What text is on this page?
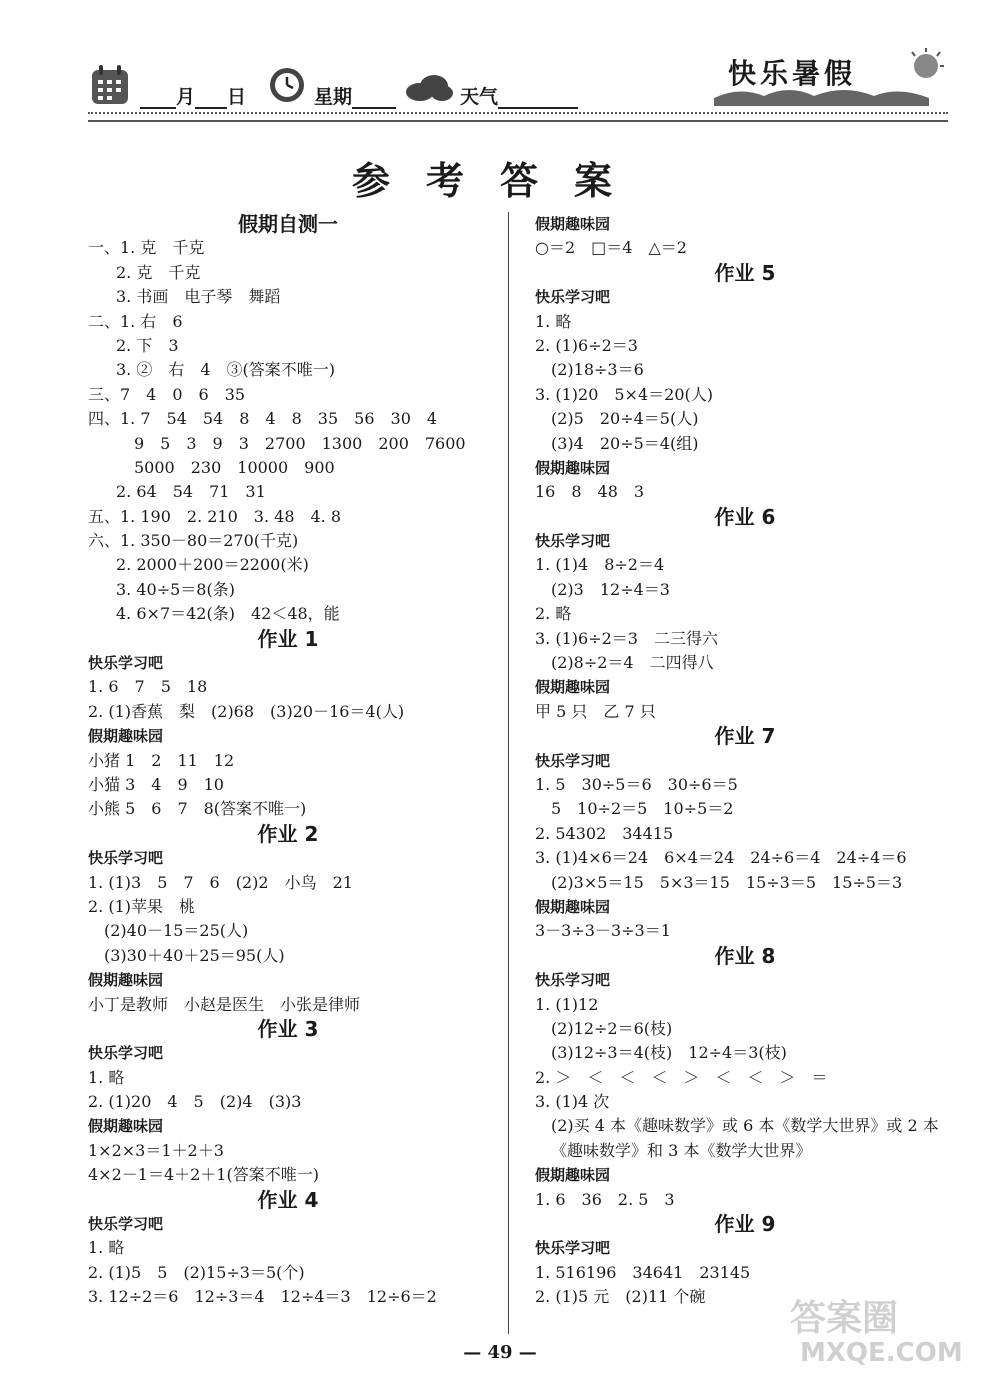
月 日	星期	天气
快乐暑假
参考答案
假期自测一
一、1. 克　千克
2. 克　千克
3. 书画　电子琴　舞蹈
二、1. 右　6
2. 下　3
3. ②　右　4　③(答案不唯一)
三、7　4　0　6　35
四、1. 7　54　54　8　4　8　35　56　30　4
9　5　3　9　3　2700　1300　200　7600
5000　230　10000　900
2. 64　54　71　31
五、1. 190　2. 210　3. 48　4. 8
六、1. 350－80＝270(千克)
2. 2000＋200＝2200(米)
3. 40÷5＝8(条)
4. 6×7＝42(条)　42＜48，能
作业 1
快乐学习吧
1. 6　7　5　18
2. (1)香蕉　梨　(2)68　(3)20－16＝4(人)
假期趣味园
小猪 1　2　11　12
小猫 3　4　9　10
小熊 5　6　7　8(答案不唯一)
作业 2
快乐学习吧
1. (1)3　5　7　6　(2)2　小鸟　21
2. (1)苹果　桃
(2)40－15＝25(人)
(3)30＋40＋25＝95(人)
假期趣味园
小丁是教师　小赵是医生　小张是律师
作业 3
快乐学习吧
1. 略
2. (1)20　4　5　(2)4　(3)3
假期趣味园
1×2×3＝1＋2＋3
4×2－1＝4＋2＋1(答案不唯一)
作业 4
快乐学习吧
1. 略
2. (1)5　5　(2)15÷3＝5(个)
3. 12÷2＝6　12÷3＝4　12÷4＝3　12÷6＝2
假期趣味园
○＝2　□＝4　△＝2
作业 5
快乐学习吧
1. 略
2. (1)6÷2＝3
(2)18÷3＝6
3. (1)20　5×4＝20(人)
(2)5　20÷4＝5(人)
(3)4　20÷5＝4(组)
假期趣味园
16　8　48　3
作业 6
快乐学习吧
1. (1)4　8÷2＝4
(2)3　12÷4＝3
2. 略
3. (1)6÷2＝3　二三得六
(2)8÷2＝4　二四得八
假期趣味园
甲 5 只　乙 7 只
作业 7
快乐学习吧
1. 5　30÷5＝6　30÷6＝5
5　10÷2＝5　10÷5＝2
2. 54302　34415
3. (1)4×6＝24　6×4＝24　24÷6＝4　24÷4＝6
(2)3×5＝15　5×3＝15　15÷3＝5　15÷5＝3
假期趣味园
3－3÷3－3÷3＝1
作业 8
快乐学习吧
1. (1)12
(2)12÷2＝6(枝)
(3)12÷3＝4(枝)　12÷4＝3(枝)
2. ＞　＜　＜　＜　＞　＜　＜　＞　＝
3. (1)4 次
(2)买 4 本《趣味数学》或 6 本《数学大世界》或 2 本
《趣味数学》和 3 本《数学大世界》
假期趣味园
1. 6　36　2. 5　3
作业 9
快乐学习吧
1. 516196　34641　23145
2. (1)5 元　(2)11 个碗
答案圈
MXQE.COM
— 49 —
